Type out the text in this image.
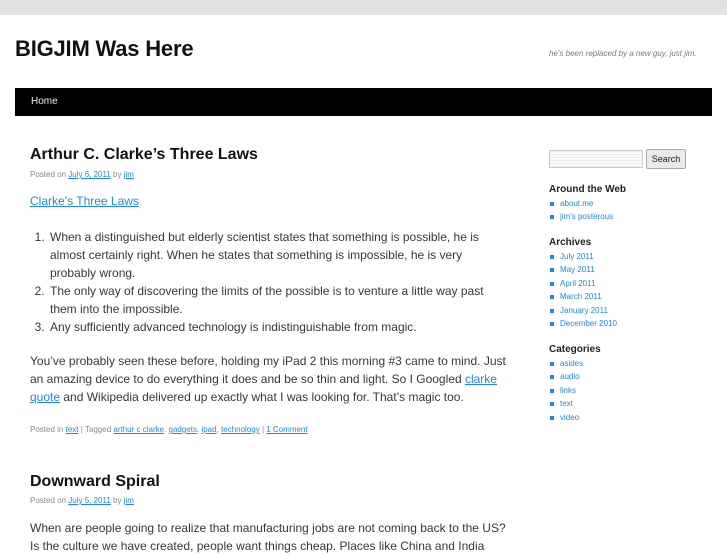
BIGJIM Was Here	he's been replaced by a new guy, just jim.
Home
Arthur C. Clarke’s Three Laws
Posted on July 6, 2011 by jim
Clarke’s Three Laws
1. When a distinguished but elderly scientist states that something is possible, he is almost certainly right. When he states that something is impossible, he is very probably wrong.
2. The only way of discovering the limits of the possible is to venture a little way past them into the impossible.
3. Any sufficiently advanced technology is indistinguishable from magic.
You’ve probably seen these before, holding my iPad 2 this morning #3 came to mind. Just an amazing device to do everything it does and be so thin and light. So I Googled clarke quote and Wikipedia delivered up exactly what I was looking for. That’s magic too.
Posted in text | Tagged arthur c clarke, gadgets, ipad, technology | 1 Comment
Downward Spiral
Posted on July 5, 2011 by jim
When are people going to realize that manufacturing jobs are not coming back to the US? Is the culture we have created, people want things cheap. Places like China and India
Search
Around the Web
about.me
jim's posterous
Archives
July 2011
May 2011
April 2011
March 2011
January 2011
December 2010
Categories
asides
audio
links
text
video
